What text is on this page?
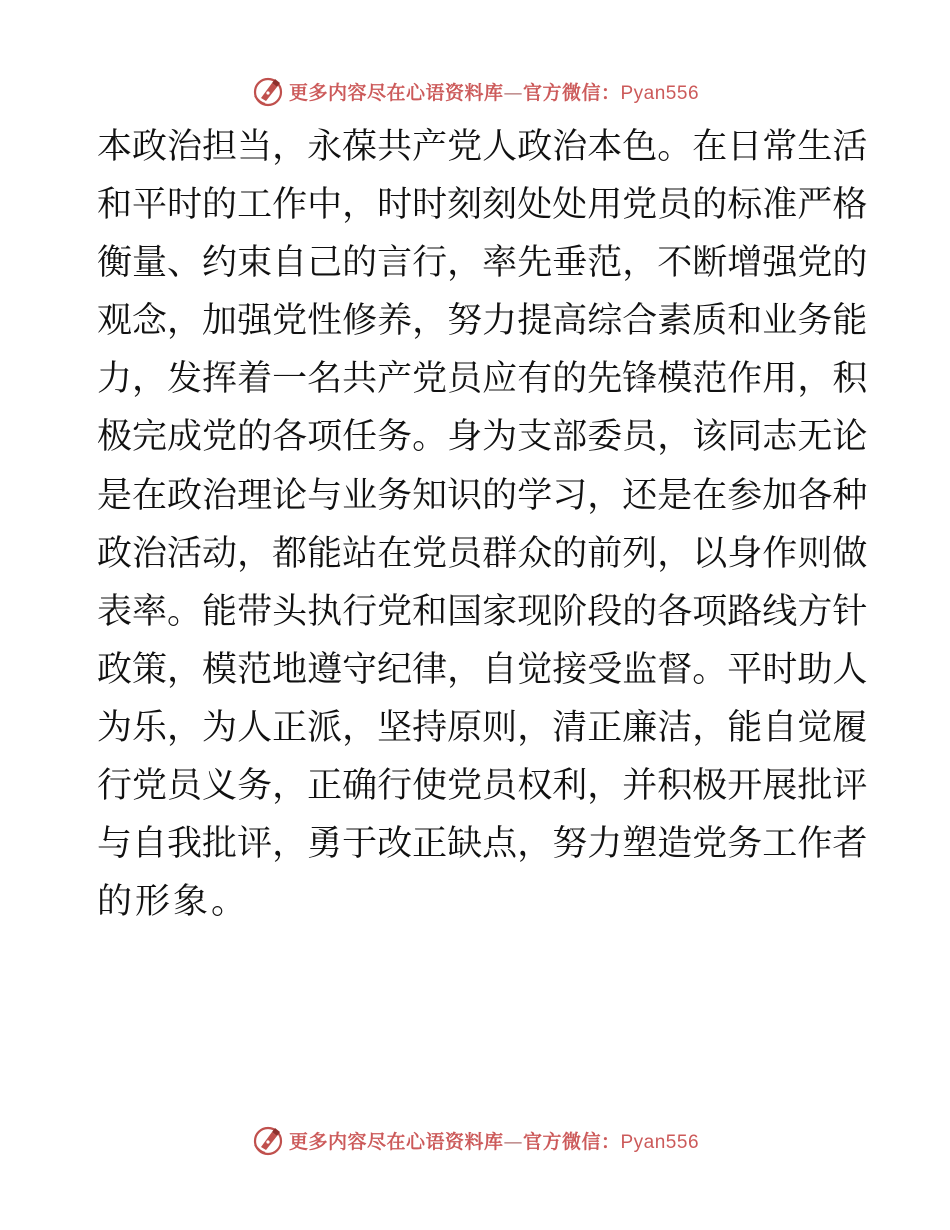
更多内容尽在心语资料库—官方微信：Pyan556
本 政 治 担 当 ， 永 葆 共 产 党 人 政 治 本 色 。 在 日 常 生 活
和 平 时 的 工 作 中 ， 时 时 刻 刻 处 处 用 党 员 的 标 准 严 格
衡 量 、 约 束 自 己 的 言 行 ， 率 先 垂 范 ， 不 断 增 强 党 的
观 念 ， 加 强 党 性 修 养 ， 努 力 提 高 综 合 素 质 和 业 务 能
力 ， 发 挥 着 一 名 共 产 党 员 应 有 的 先 锋 模 范 作 用 ， 积
极 完 成 党 的 各 项 任 务 。 身 为 支 部 委 员 ， 该 同 志 无 论
是 在 政 治 理 论 与 业 务 知 识 的 学 习 ， 还 是 在 参 加 各 种
政 治 活 动 ， 都 能 站 在 党 员 群 众 的 前 列 ， 以 身 作 则 做
表 率 。 能 带 头 执 行 党 和 国 家 现 阶 段 的 各 项 路 线 方 针
政 策 ， 模 范 地 遵 守 纪 律 ， 自 觉 接 受 监 督 。 平 时 助 人
为 乐 ， 为 人 正 派 ， 坚 持 原 则 ， 清 正 廉 洁 ， 能 自 觉 履
行 党 员 义 务 ， 正 确 行 使 党 员 权 利 ， 并 积 极 开 展 批 评
与 自 我 批 评 ， 勇 于 改 正 缺 点 ， 努 力 塑 造 党 务 工 作 者
的形象。
更多内容尽在心语资料库—官方微信：Pyan556
